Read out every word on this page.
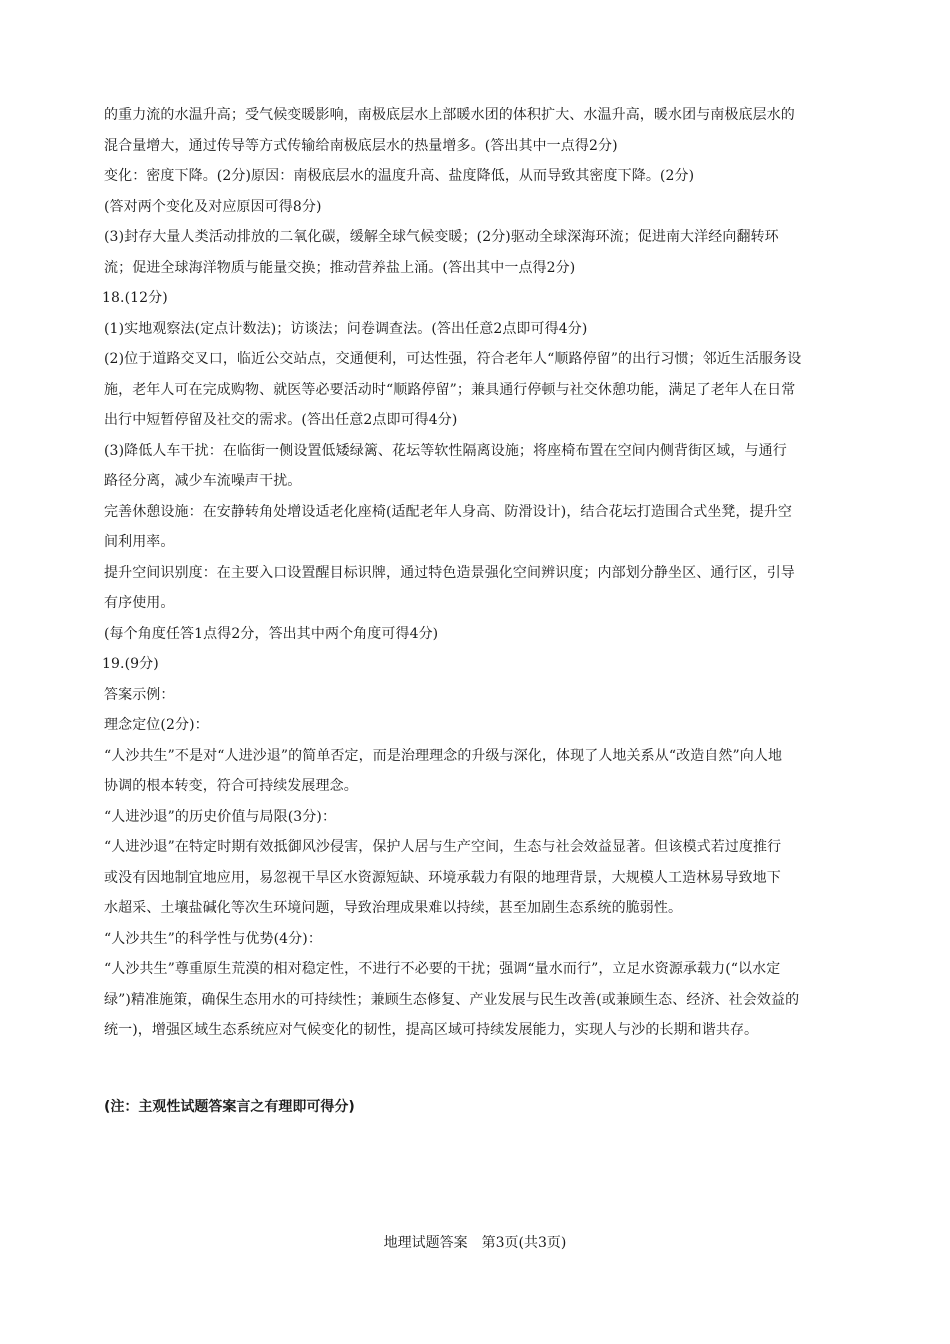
的重力流的水温升高；受气候变暖影响，南极底层水上部暖水团的体积扩大、水温升高，暖水团与南极底层水的
混合量增大，通过传导等方式传输给南极底层水的热量增多。(答出其中一点得2分)
变化：密度下降。(2分)原因：南极底层水的温度升高、盐度降低，从而导致其密度下降。(2分)
(答对两个变化及对应原因可得8分)
(3)封存大量人类活动排放的二氧化碳，缓解全球气候变暖；(2分)驱动全球深海环流；促进南大洋经向翻转环
流；促进全球海洋物质与能量交换；推动营养盐上涌。(答出其中一点得2分)
18.(12分)
(1)实地观察法(定点计数法)；访谈法；问卷调查法。(答出任意2点即可得4分)
(2)位于道路交叉口，临近公交站点，交通便利，可达性强，符合老年人“顺路停留”的出行习惯；邻近生活服务设
施，老年人可在完成购物、就医等必要活动时“顺路停留”；兼具通行停顿与社交休憩功能，满足了老年人在日常
出行中短暂停留及社交的需求。(答出任意2点即可得4分)
(3)降低人车干扰：在临街一侧设置低矮绿篱、花坛等软性隔离设施；将座椅布置在空间内侧背街区域，与通行
路径分离，减少车流噪声干扰。
完善休憩设施：在安静转角处增设适老化座椅(适配老年人身高、防滑设计)，结合花坛打造围合式坐凳，提升空
间利用率。
提升空间识别度：在主要入口设置醒目标识牌，通过特色造景强化空间辨识度；内部划分静坐区、通行区，引导
有序使用。
(每个角度任答1点得2分，答出其中两个角度可得4分)
19.(9分)
答案示例：
理念定位(2分)：
“人沙共生”不是对“人进沙退”的简单否定，而是治理理念的升级与深化，体现了人地关系从“改造自然”向人地
协调的根本转变，符合可持续发展理念。
“人进沙退”的历史价值与局限(3分)：
“人进沙退”在特定时期有效抵御风沙侵害，保护人居与生产空间，生态与社会效益显著。但该模式若过度推行
或没有因地制宜地应用，易忽视干旱区水资源短缺、环境承载力有限的地理背景，大规模人工造林易导致地下
水超采、土壤盐碱化等次生环境问题，导致治理成果难以持续，甚至加剧生态系统的脆弱性。
“人沙共生”的科学性与优势(4分)：
“人沙共生”尊重原生荒漠的相对稳定性，不进行不必要的干扰；强调“量水而行”，立足水资源承载力(“以水定
绿”)精准施策，确保生态用水的可持续性；兼顾生态修复、产业发展与民生改善(或兼顾生态、经济、社会效益的
统一)，增强区域生态系统应对气候变化的韧性，提高区域可持续发展能力，实现人与沙的长期和谐共存。
(注：主观性试题答案言之有理即可得分)
地理试题答案　第3页(共3页)
